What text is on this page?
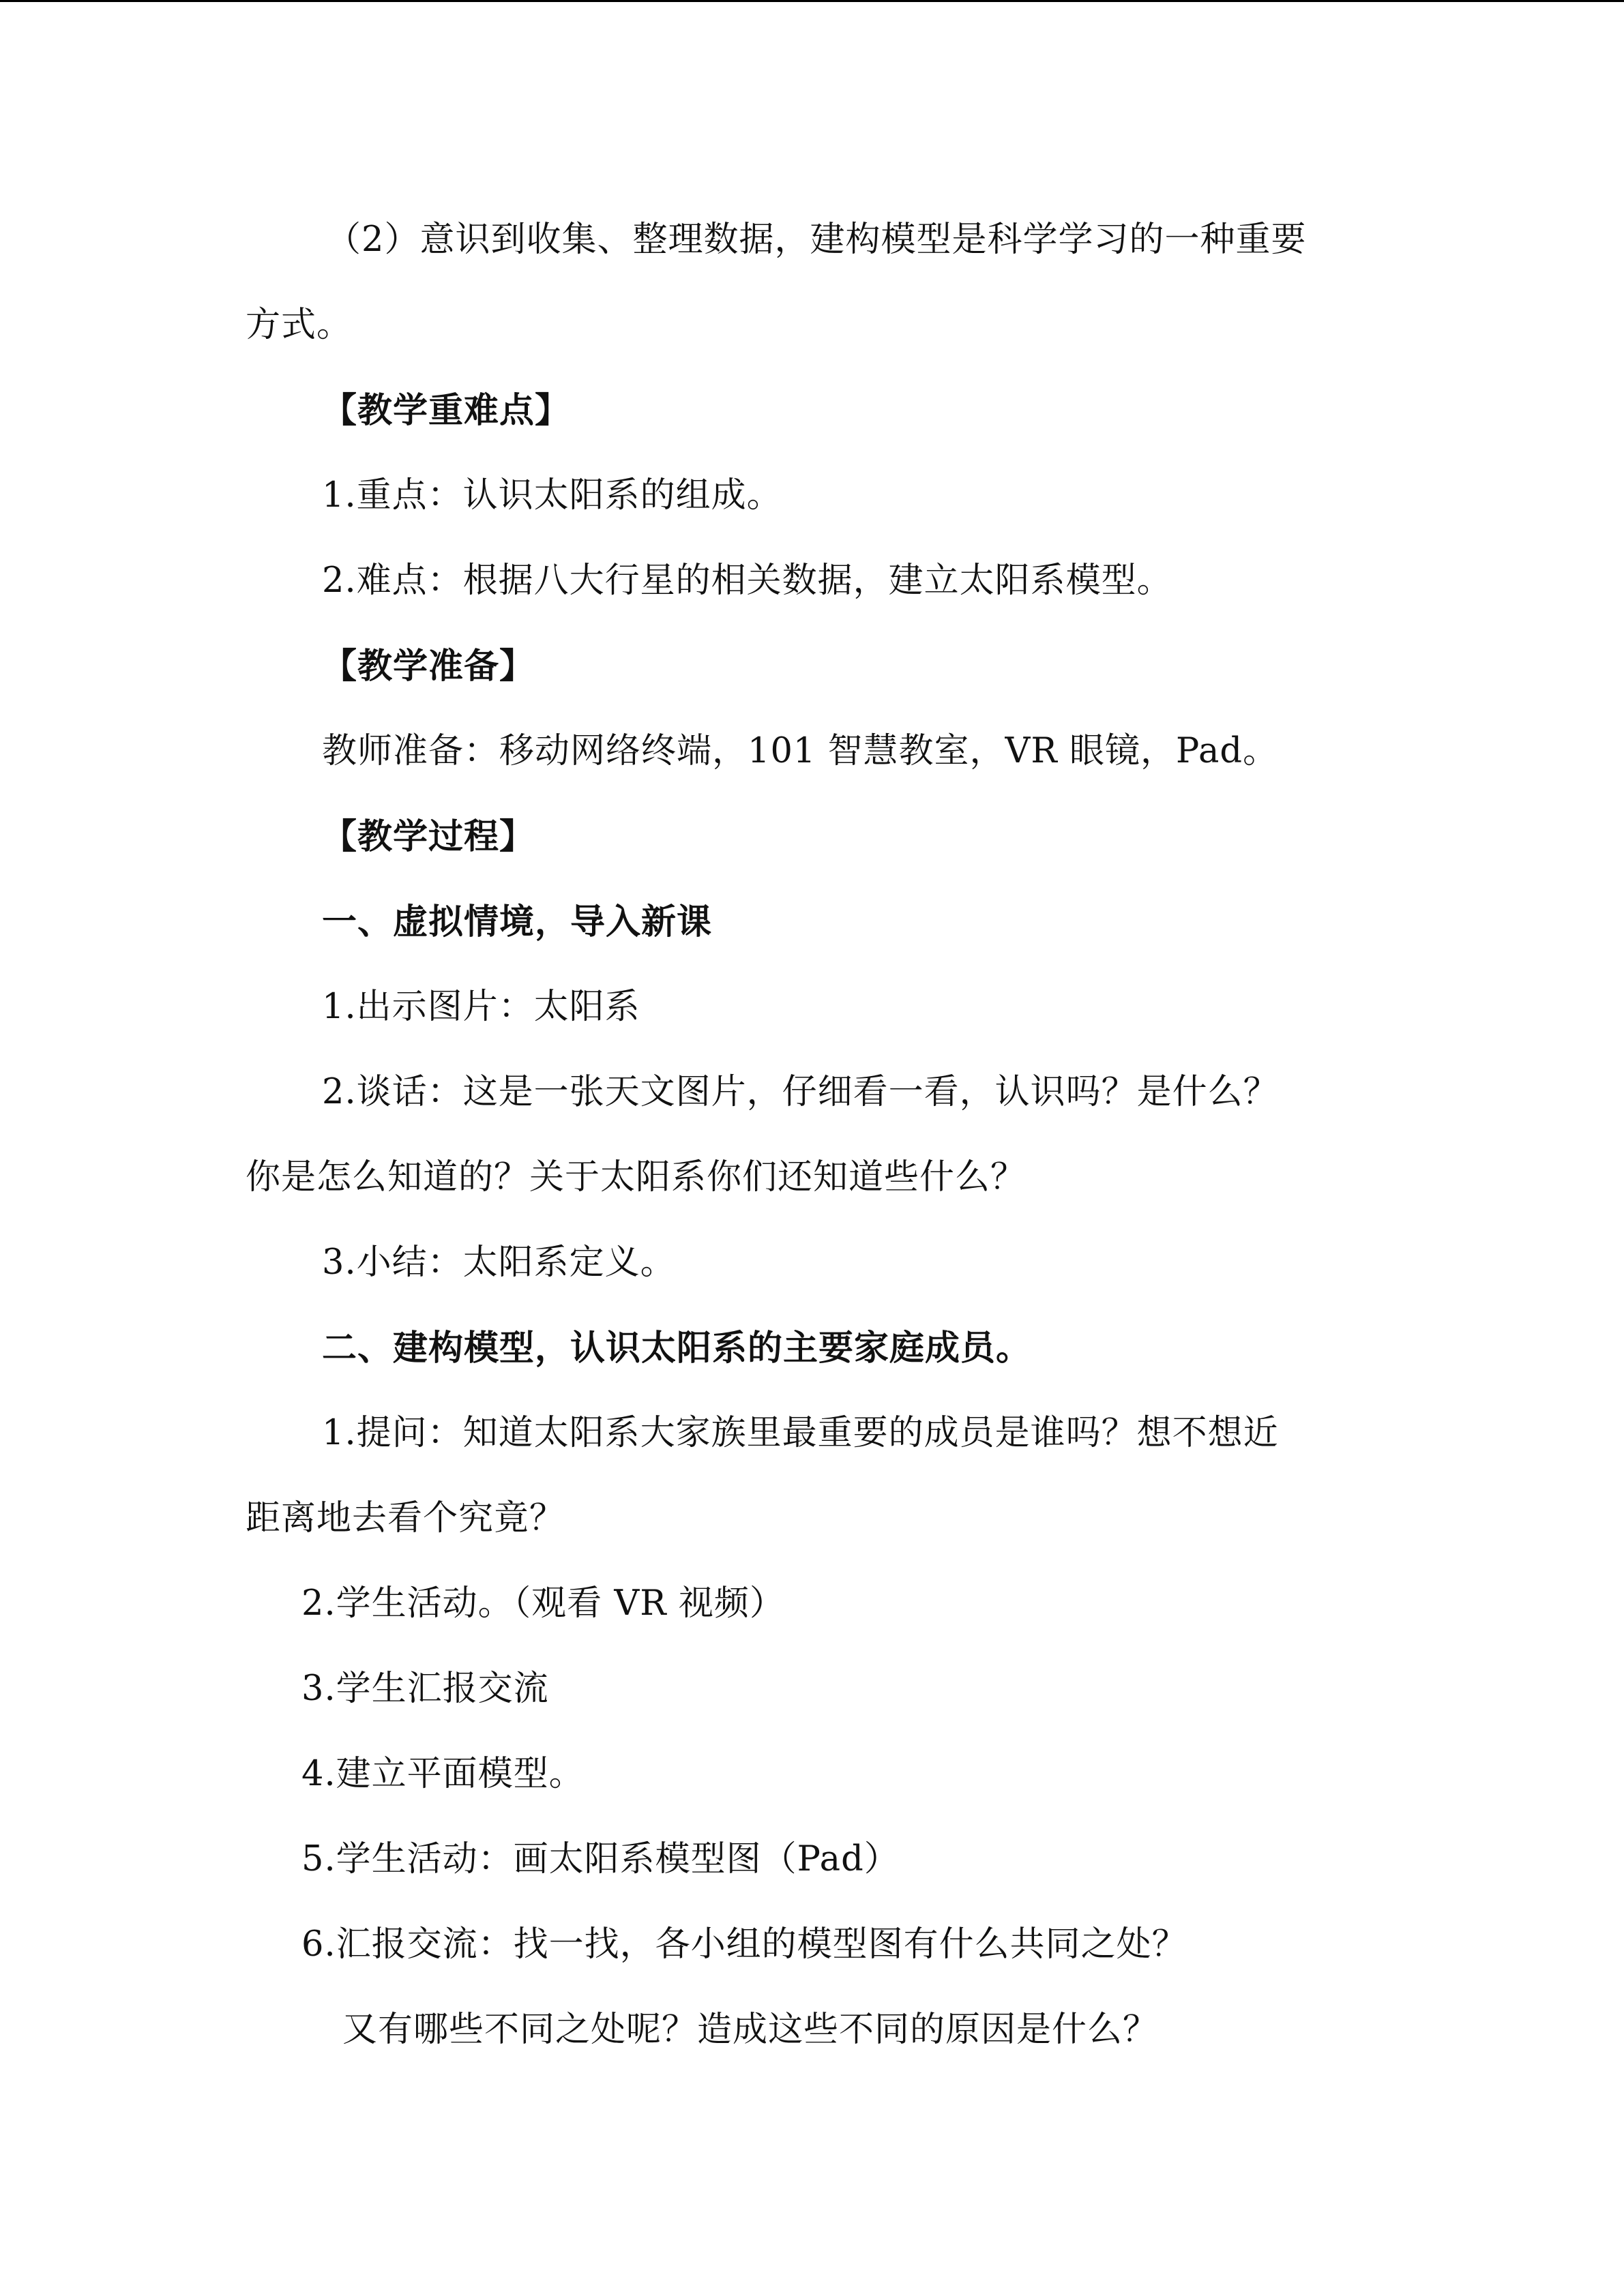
（2）意识到收集、整理数据，建构模型是科学学习的一种重要
方式。
【教学重难点】
1.重点：认识太阳系的组成。
2.难点：根据八大行星的相关数据，建立太阳系模型。
【教学准备】
教师准备：移动网络终端，101 智慧教室，VR 眼镜，Pad。
【教学过程】
一、虚拟情境，导入新课
1.出示图片：太阳系
2.谈话：这是一张天文图片，仔细看一看，认识吗？是什么？
你是怎么知道的？关于太阳系你们还知道些什么？
3.小结：太阳系定义。
二、建构模型，认识太阳系的主要家庭成员。
1.提问：知道太阳系大家族里最重要的成员是谁吗？想不想近
距离地去看个究竟？
2.学生活动。（观看 VR 视频）
3.学生汇报交流
4.建立平面模型。
5.学生活动：画太阳系模型图（Pad）
6.汇报交流：找一找，各小组的模型图有什么共同之处？
又有哪些不同之处呢？造成这些不同的原因是什么？
